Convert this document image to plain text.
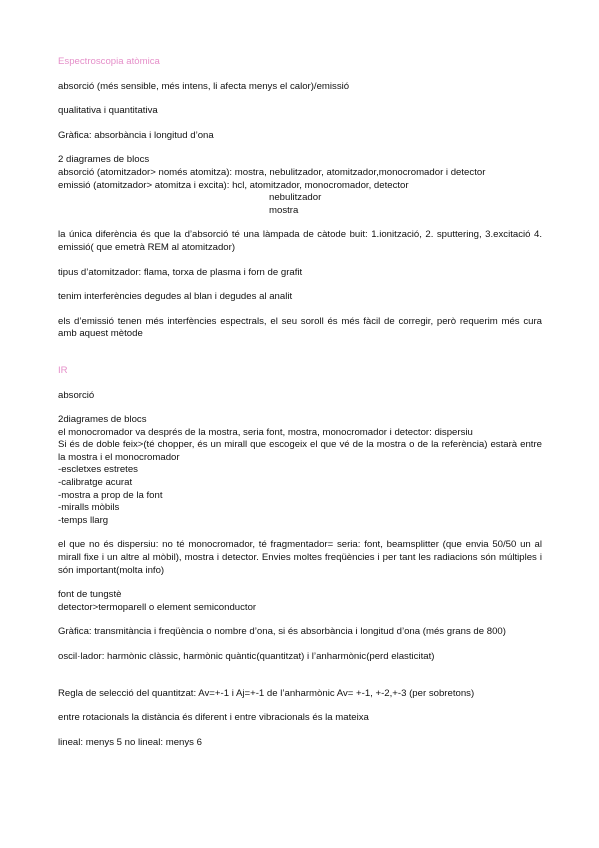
Espectroscopia atòmica
absorció (més sensible, més intens, li afecta menys el calor)/emissió
qualitativa i quantitativa
Gràfica: absorbància i longitud d’ona
2 diagrames de blocs
absorció (atomitzador> només atomitza): mostra, nebulitzador, atomitzador,monocromador i detector
emissió (atomitzador> atomitza i excita): hcl, atomitzador, monocromador, detector
nebulitzador
mostra
la única diferència és que la d’absorció té una làmpada de càtode buit: 1.ionització, 2. sputtering, 3.excitació 4. emissió( que emetrà REM al atomitzador)
tipus d’atomitzador: flama, torxa de plasma i forn de grafit
tenim interferències degudes al blan i degudes al analit
els d’emissió tenen més interfències espectrals, el seu soroll és més fàcil de corregir, però requerim més cura amb aquest mètode
IR
absorció
2diagrames de blocs
el monocromador va després de la mostra, seria font, mostra, monocromador i detector: dispersiu
Si és de doble feix>(té chopper, és un mirall que escogeix el que vé de la mostra o de la referència) estarà entre la mostra i el monocromador
-escletxes estretes
-calibratge acurat
-mostra a prop de la font
-miralls mòbils
-temps llarg
el que no és dispersiu: no té monocromador, té fragmentador= seria: font, beamsplitter (que envia 50/50 un al mirall fixe i un altre al mòbil), mostra i detector. Envies moltes freqüències i per tant les radiacions són múltiples i són important(molta info)
font de tungstè
detector>termoparell o element semiconductor
Gràfica: transmitància i freqüència o nombre d’ona, si és absorbància i longitud d’ona (més grans de 800)
oscil·lador: harmònic clàssic, harmònic quàntic(quantitzat) i l’anharmònic(perd elasticitat)
Regla de selecció del quantitzat: Av=+-1 i Aj=+-1 de l’anharmònic Av= +-1, +-2,+-3 (per sobretons)
entre rotacionals la distància és diferent i entre vibracionals és la mateixa
lineal: menys 5 no lineal: menys 6
